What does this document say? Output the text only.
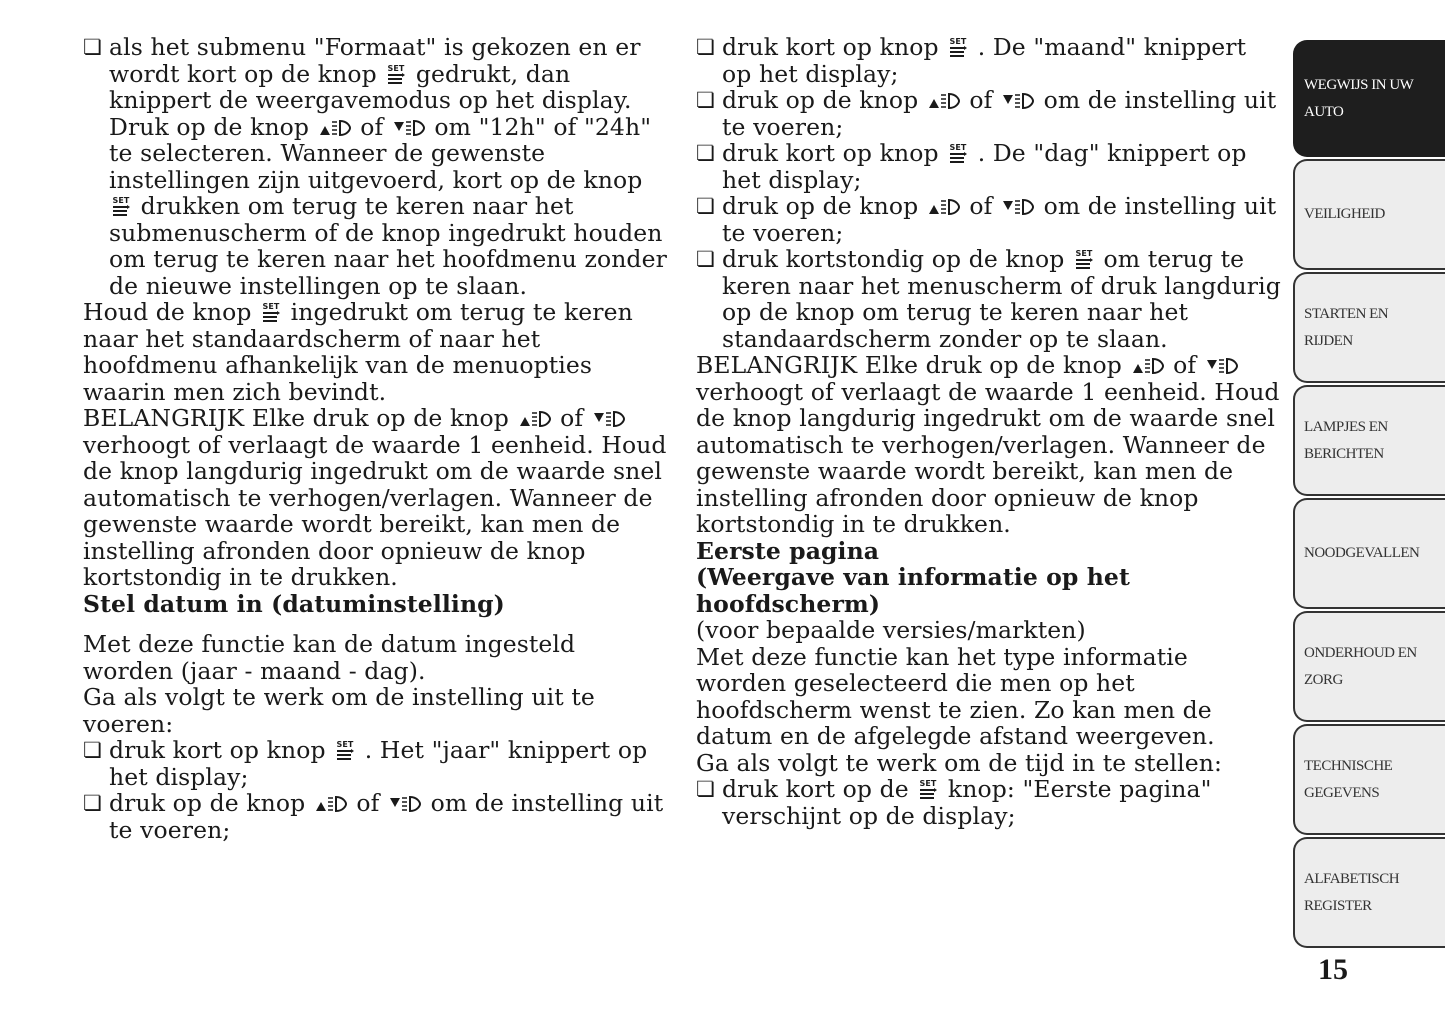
❏ als het submenu "Formaat" is gekozen en er wordt kort op de knop SET gedrukt, dan knippert de weergavemodus op het display. Druk op de knop
of
om "12h" of "24h" te selecteren. Wanneer de gewenste instellingen zijn uitgevoerd, kort op de knop
SET drukken om terug te keren naar het submenuscherm of de knop ingedrukt houden om terug te keren naar het hoofdmenu zonder de nieuwe instellingen op te slaan.

Houd de knop SET ingedrukt om terug te keren naar het standaardscherm of naar het hoofdmenu afhankelijk van de menuopties waarin men zich bevindt.

BELANGRIJK Elke druk op de knop
of
verhoogt of verlaagt de waarde 1 eenheid. Houd de knop langdurig ingedrukt om de waarde snel automatisch te verhogen/verlagen. Wanneer de gewenste waarde wordt bereikt, kan men de instelling afronden door opnieuw de knop kortstondig in te drukken.

Stel datum in (datuminstelling)

Met deze functie kan de datum ingesteld worden (jaar - maand - dag).

Ga als volgt te werk om de instelling uit te voeren:

❏ druk kort op knop SET . Het "jaar" knippert op het display;

❏ druk op de knop
of
om de instelling uit te voeren;

❏ druk kort op knop SET . De "maand" knippert op het display;

❏ druk op de knop
of
om de instelling uit te voeren;

❏ druk kort op knop SET . De "dag" knippert op het display;

❏ druk op de knop
of
om de instelling uit te voeren;

❏ druk kortstondig op de knop SET om terug te keren naar het menuscherm of druk langdurig op de knop om terug te keren naar het standaardscherm zonder op te slaan.

BELANGRIJK Elke druk op de knop
of
verhoogt of verlaagt de waarde 1 eenheid. Houd de knop langdurig ingedrukt om de waarde snel automatisch te verhogen/verlagen. Wanneer de gewenste waarde wordt bereikt, kan men de instelling afronden door opnieuw de knop kortstondig in te drukken.

Eerste pagina

(Weergave van informatie op het hoofdscherm)

(voor bepaalde versies/markten)

Met deze functie kan het type informatie worden geselecteerd die men op het hoofdscherm wenst te zien. Zo kan men de datum en de afgelegde afstand weergeven.

Ga als volgt te werk om de tijd in te stellen:

❏ druk kort op de SET knop: "Eerste pagina" verschijnt op de display;

WEGWIJS IN UW
AUTO
VEILIGHEID
STARTEN EN
RIJDEN
LAMPJES EN
BERICHTEN
NOODGEVALLEN
ONDERHOUD EN
ZORG
TECHNISCHE
GEGEVENS
ALFABETISCH
REGISTER
15
